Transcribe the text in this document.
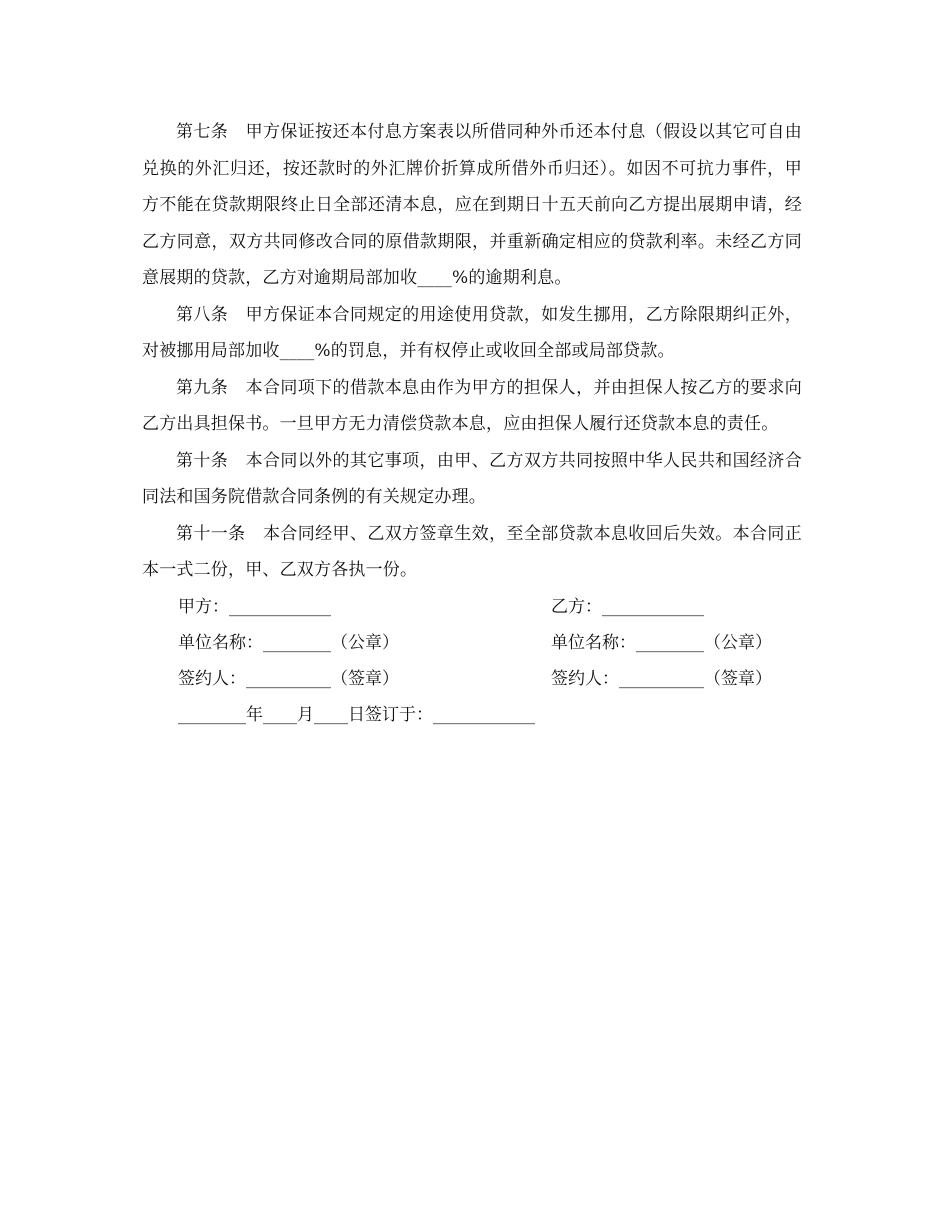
第七条　甲方保证按还本付息方案表以所借同种外币还本付息（假设以其它可自由兑换的外汇归还，按还款时的外汇牌价折算成所借外币归还）。如因不可抗力事件，甲方不能在贷款期限终止日全部还清本息，应在到期日十五天前向乙方提出展期申请，经乙方同意，双方共同修改合同的原借款期限，并重新确定相应的贷款利率。未经乙方同意展期的贷款，乙方对逾期局部加收____%的逾期利息。

第八条　甲方保证本合同规定的用途使用贷款，如发生挪用，乙方除限期纠正外，对被挪用局部加收____%的罚息，并有权停止或收回全部或局部贷款。

第九条　本合同项下的借款本息由作为甲方的担保人，并由担保人按乙方的要求向乙方出具担保书。一旦甲方无力清偿贷款本息，应由担保人履行还贷款本息的责任。

第十条　本合同以外的其它事项，由甲、乙方双方共同按照中华人民共和国经济合同法和国务院借款合同条例的有关规定办理。

第十一条　本合同经甲、乙双方签章生效，至全部贷款本息收回后失效。本合同正本一式二份，甲、乙双方各执一份。

甲方：____________	乙方：____________
单位名称：________（公章）	单位名称：________（公章）
签约人：__________（签章）	签约人：__________（签章）
________年____月____日签订于：____________
